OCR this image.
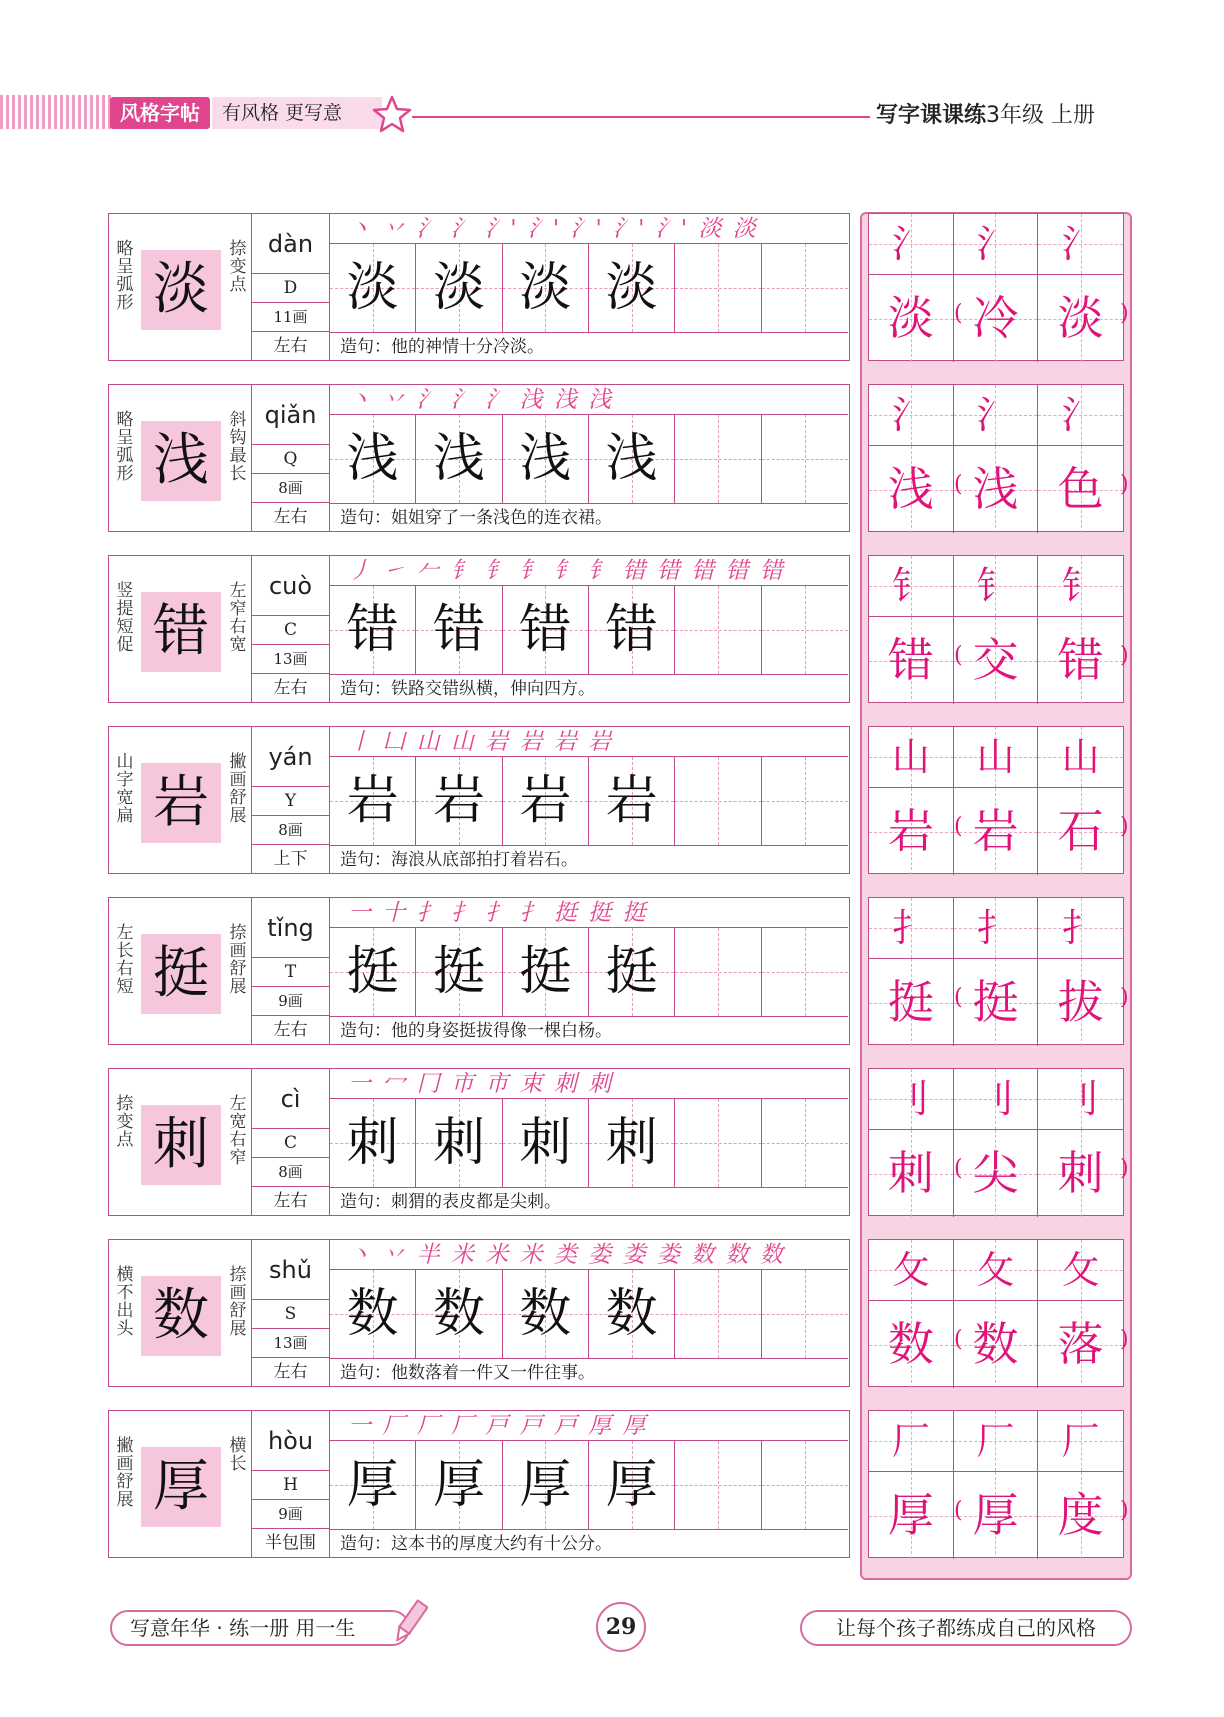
风格字帖	有风格 更写意	写字课课练3年级 上册
略呈弧形 淡
捺变点
dàn
D
11画
左右
丶 丷 氵 氵 氵' 氵' 氵' 氵' 氵' 淡 淡
淡 淡 淡 淡
造句：他的神情十分冷淡。
氵	氵	氵
淡 冷 淡
(	)
略呈弧形 浅
斜钩最长
qiǎn
Q
8画
左右
丶 丷 氵 氵 氵 浅 浅 浅
浅 浅 浅 浅
造句：姐姐穿了一条浅色的连衣裙。
氵	氵	氵
浅 浅 色
(	)
竖提短促 错
左窄右宽
cuò
C
13画
左右
丿 ㇀ 𠂉 钅 钅 钅 钅 钅 错 错 错 错 错
错 错 错 错
造句：铁路交错纵横，伸向四方。
钅	钅	钅
错 交 错
(	)
山字宽扁 岩
撇画舒展
yán
Y
8画
上下
丨 凵 山 山 岩 岩 岩 岩
岩 岩 岩 岩
造句：海浪从底部拍打着岩石。
山	山	山
岩 岩 石
(	)
左长右短 挺
捺画舒展
tǐng
T
9画
左右
一 十 扌 扌 扌 扌 挺 挺 挺
挺 挺 挺 挺
造句：他的身姿挺拔得像一棵白杨。
扌	扌	扌
挺 挺 拔
(	)
捺变点 刺
左宽右窄
cì
C
8画
左右
一 冖 冂 市 市 束 刺 刺
刺 刺 刺 刺
造句：刺猬的表皮都是尖刺。
刂	刂	刂
刺 尖 刺
(	)
横不出头 数
捺画舒展
shǔ
S
13画
左右
丶 丷 半 米 米 米 类 娄 娄 娄 数 数 数
数 数 数 数
造句：他数落着一件又一件往事。
攵	攵	攵
数 数 落
(	)
撇画舒展 厚
横长
hòu
H
9画
半包围
一 厂 厂 厂 戸 戸 戸 厚 厚
厚 厚 厚 厚
造句：这本书的厚度大约有十公分。
厂	厂	厂
厚 厚 度
(	)
写意年华 · 练一册 用一生	29	让每个孩子都练成自己的风格
